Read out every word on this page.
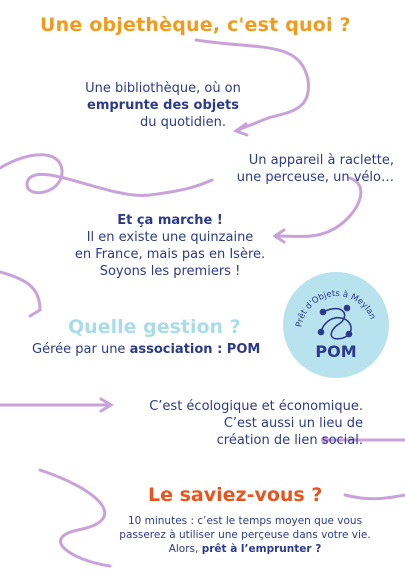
Une objethèque, c'est quoi ?
Une bibliothèque, où on
emprunte des objets
du quotidien.
Un appareil à raclette,
une perceuse, un vélo…
Et ça marche !
Il en existe une quinzaine
en France, mais pas en Isère.
Soyons les premiers !
Quelle gestion ?
Gérée par une association : POM
Prêt d'Objets à Meylan
POM
C’est écologique et économique.
C’est aussi un lieu de
création de lien social.
Le saviez-vous ?
10 minutes : c’est le temps moyen que vous
passerez à utiliser une perçeuse dans votre vie.
Alors, prêt à l’emprunter ?
